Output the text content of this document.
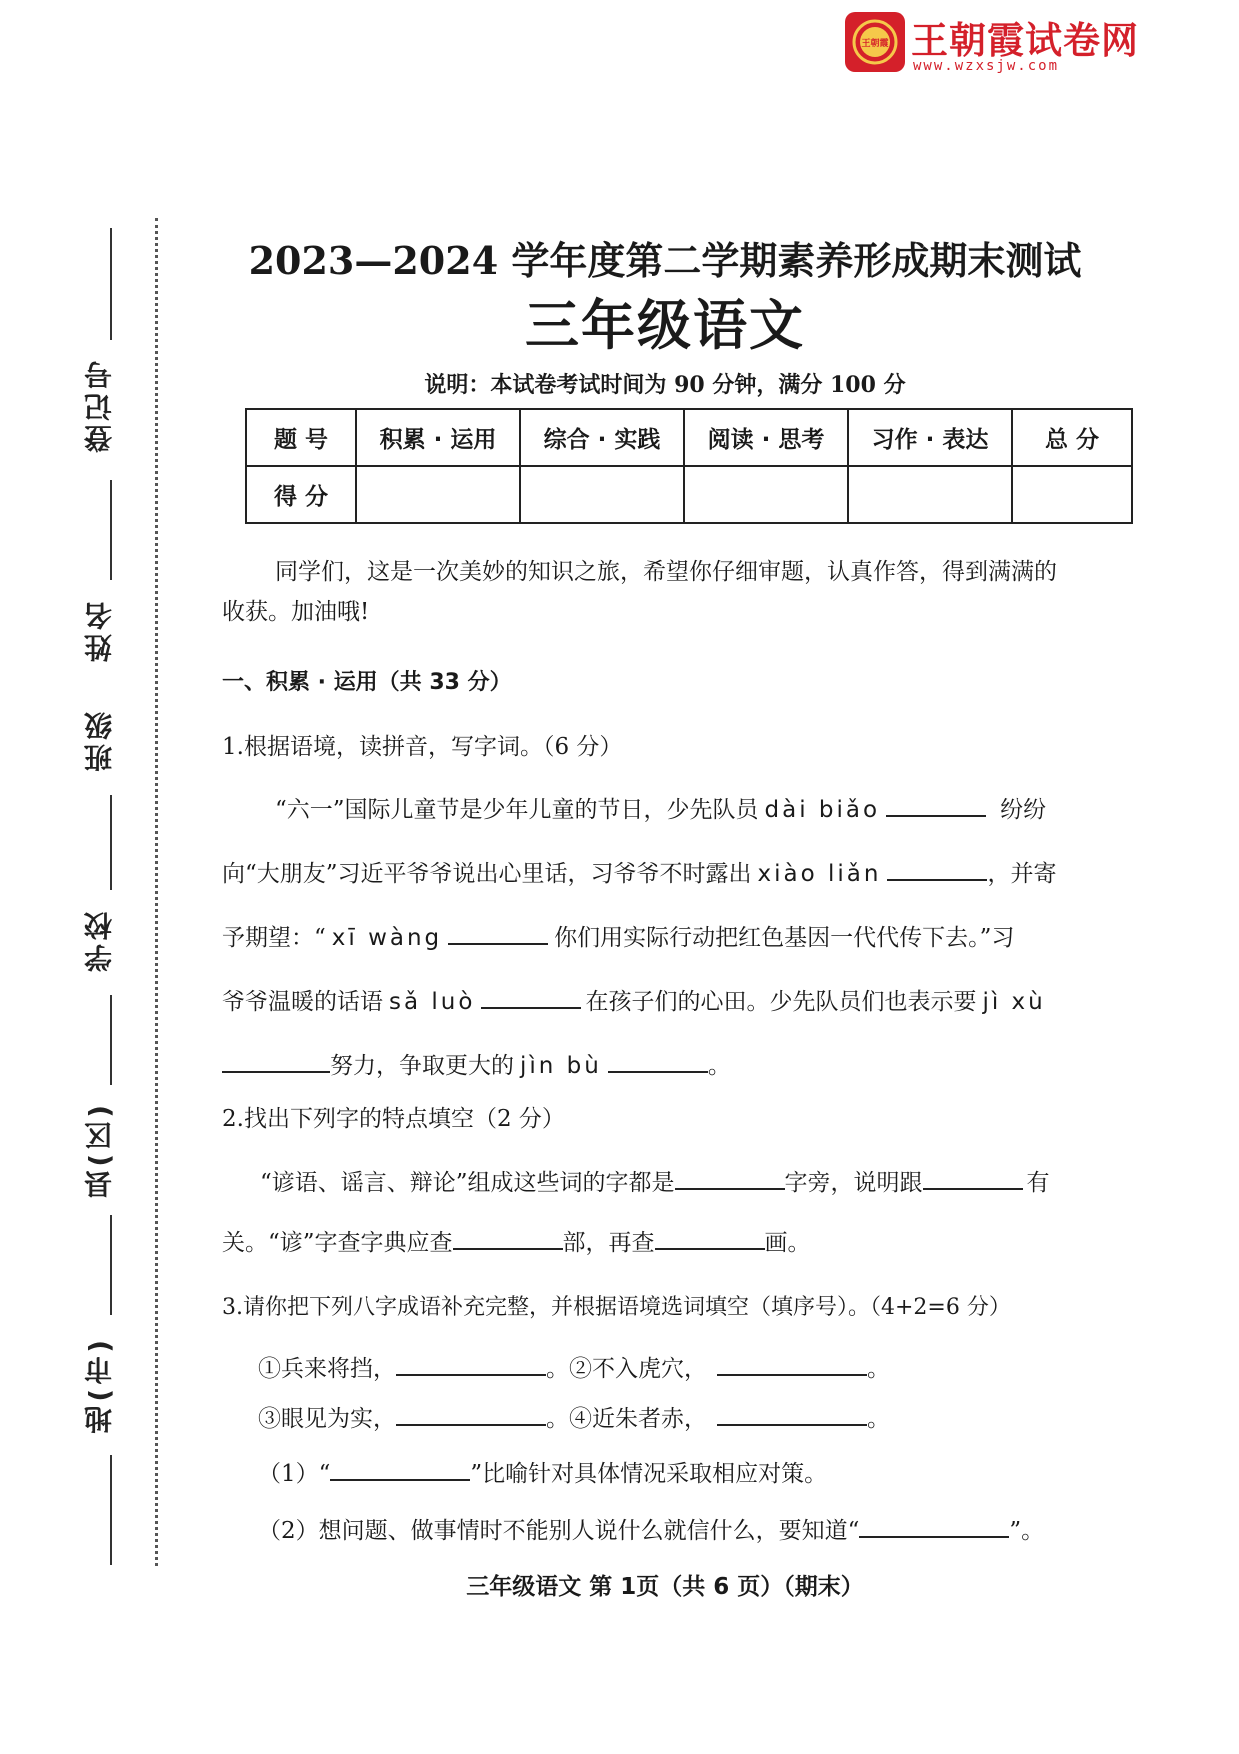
王朝霞 王朝霞试卷网
www.wzxsjw.com
登记号
姓名
班级
学校
县(区)
地(市)
2023—2024 学年度第二学期素养形成期末测试
三年级语文
说明：本试卷考试时间为 90 分钟，满分 100 分
题 号	积累 · 运用	综合 · 实践	阅读 · 思考	习作 · 表达	总 分
得 分					
同学们，这是一次美妙的知识之旅，希望你仔细审题，认真作答，得到满满的
收获。加油哦!
一、积累 · 运用（共 33 分）
1.根据语境，读拼音，写字词。（6 分）
“六一”国际儿童节是少年儿童的节日，少先队员 dài biǎo	纷纷
向“大朋友”习近平爷爷说出心里话，习爷爷不时露出 xiào liǎn	，并寄
予期望：“ xī wàng	你们用实际行动把红色基因一代代传下去。”习
爷爷温暖的话语 sǎ luò	在孩子们的心田。少先队员们也表示要 jì xù
努力，争取更大的 jìn bù	。
2.找出下列字的特点填空（2 分）
“谚语、谣言、辩论”组成这些词的字都是	字旁，说明跟	有
关。“谚”字查字典应查	部，再查	画。
3.请你把下列八字成语补充完整，并根据语境选词填空（填序号）。（4+2=6 分）
①兵来将挡，	。②不入虎穴，	。
③眼见为实，	。④近朱者赤，	。
（1）“	”比喻针对具体情况采取相应对策。
（2）想问题、做事情时不能别人说什么就信什么，要知道“	”。
三年级语文 第 1页（共 6 页）（期末）
